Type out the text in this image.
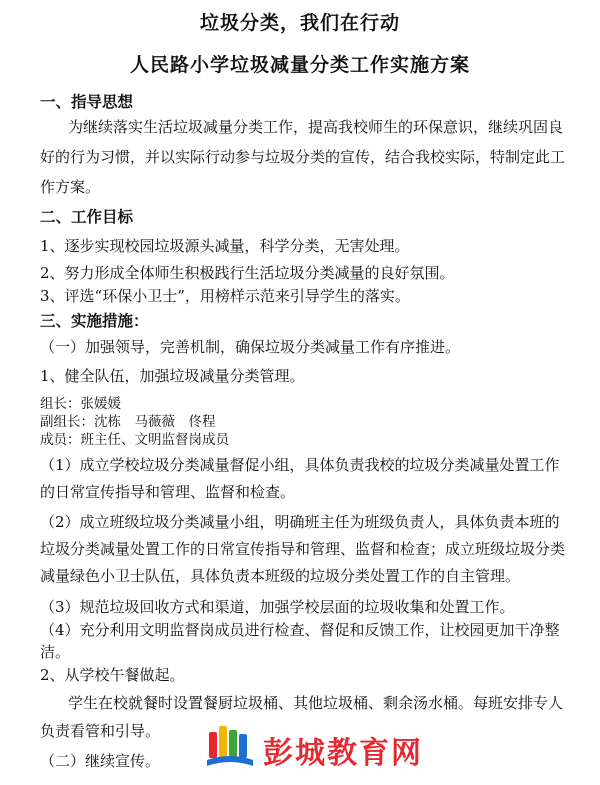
垃圾分类，我们在行动
人民路小学垃圾减量分类工作实施方案
一、指导思想
为继续落实生活垃圾减量分类工作，提高我校师生的环保意识，继续巩固良
好的行为习惯，并以实际行动参与垃圾分类的宣传，结合我校实际，特制定此工
作方案。
二、工作目标
1、逐步实现校园垃圾源头减量，科学分类，无害处理。
2、努力形成全体师生积极践行生活垃圾分类减量的良好氛围。
3、评选“环保小卫士”，用榜样示范来引导学生的落实。
三、实施措施：
（一）加强领导，完善机制，确保垃圾分类减量工作有序推进。
1、健全队伍，加强垃圾减量分类管理。
组长：张媛媛
副组长：沈栋　马薇薇　佟程
成员：班主任、文明监督岗成员
（1）成立学校垃圾分类减量督促小组，具体负责我校的垃圾分类减量处置工作
的日常宣传指导和管理、监督和检查。
（2）成立班级垃圾分类减量小组，明确班主任为班级负责人，具体负责本班的
垃圾分类减量处置工作的日常宣传指导和管理、监督和检查；成立班级垃圾分类
减量绿色小卫士队伍，具体负责本班级的垃圾分类处置工作的自主管理。
（3）规范垃圾回收方式和渠道，加强学校层面的垃圾收集和处置工作。
（4）充分利用文明监督岗成员进行检查、督促和反馈工作，让校园更加干净整
洁。
2、从学校午餐做起。
学生在校就餐时设置餐厨垃圾桶、其他垃圾桶、剩余汤水桶。每班安排专人
负责看管和引导。
（二）继续宣传。	彭城教育网
